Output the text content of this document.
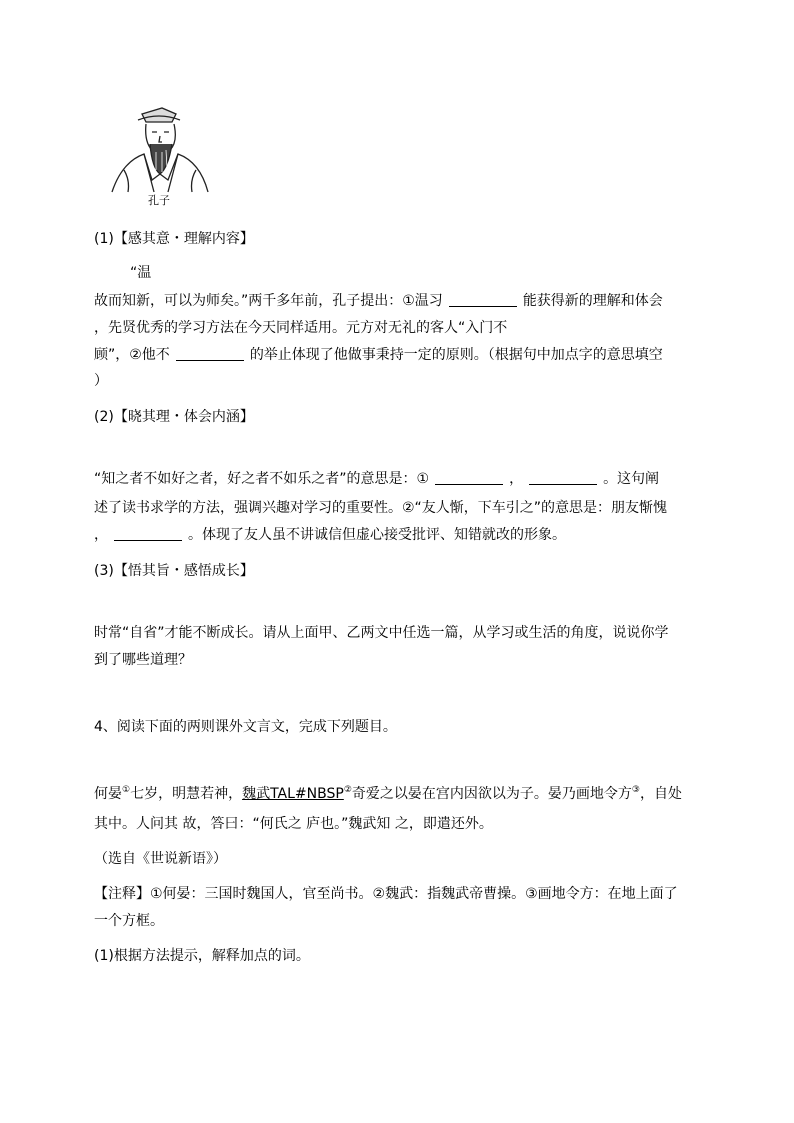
孔子
(1)【感其意・理解内容】
“温
故而知新，可以为师矣。”两千多年前，孔子提出：①温习	能获得新的理解和体会
，先贤优秀的学习方法在今天同样适用。元方对无礼的客人“入门不
顾”，②他不	的举止体现了他做事秉持一定的原则。（根据句中加点字的意思填空
）
(2)【晓其理・体会内涵】
“知之者不如好之者，好之者不如乐之者”的意思是：①	，	。这句阐
述了读书求学的方法，强调兴趣对学习的重要性。②“友人惭，下车引之”的意思是：朋友惭愧
，	。体现了友人虽不讲诚信但虚心接受批评、知错就改的形象。
(3)【悟其旨・感悟成长】
时常“自省”才能不断成长。请从上面甲、乙两文中任选一篇，从学习或生活的角度，说说你学
到了哪些道理？
4、阅读下面的两则课外文言文，完成下列题目。
何晏①七岁，明慧若神，魏武TAL#NBSP②奇爱之以晏在宫内因欲以为子。晏乃画地令方③，自处
其中。人问其 故，答曰：“何氏之 庐也。”魏武知 之，即遣还外。
（选自《世说新语》）
【注释】①何晏：三国时魏国人，官至尚书。②魏武：指魏武帝曹操。③画地令方：在地上面了
一个方框。
(1)根据方法提示，解释加点的词。
